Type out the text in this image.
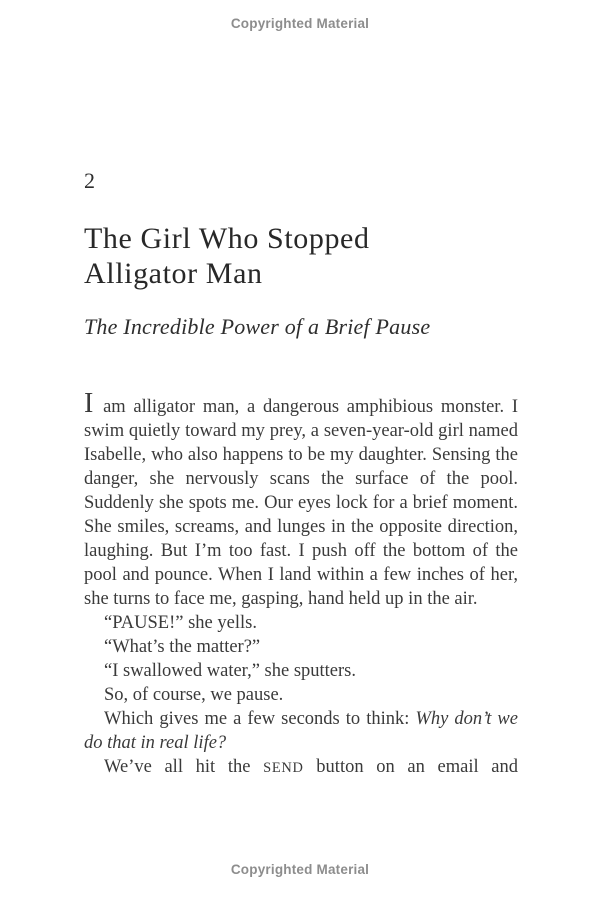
Copyrighted Material
2
The Girl Who Stopped
Alligator Man
The Incredible Power of a Brief Pause

I am alligator man, a dangerous amphibious monster. I swim quietly toward my prey, a seven-year-old girl named Isabelle, who also happens to be my daughter. Sensing the danger, she nervously scans the surface of the pool. Suddenly she spots me. Our eyes lock for a brief moment. She smiles, screams, and lunges in the opposite direction, laughing. But I’m too fast. I push off the bottom of the pool and pounce. When I land within a few inches of her, she turns to face me, gasping, hand held up in the air.

“PAUSE!” she yells.

“What’s the matter?”

“I swallowed water,” she sputters.

So, of course, we pause.

Which gives me a few seconds to think: Why don’t we do that in real life?

We’ve all hit the SEND button on an email and

Copyrighted Material
